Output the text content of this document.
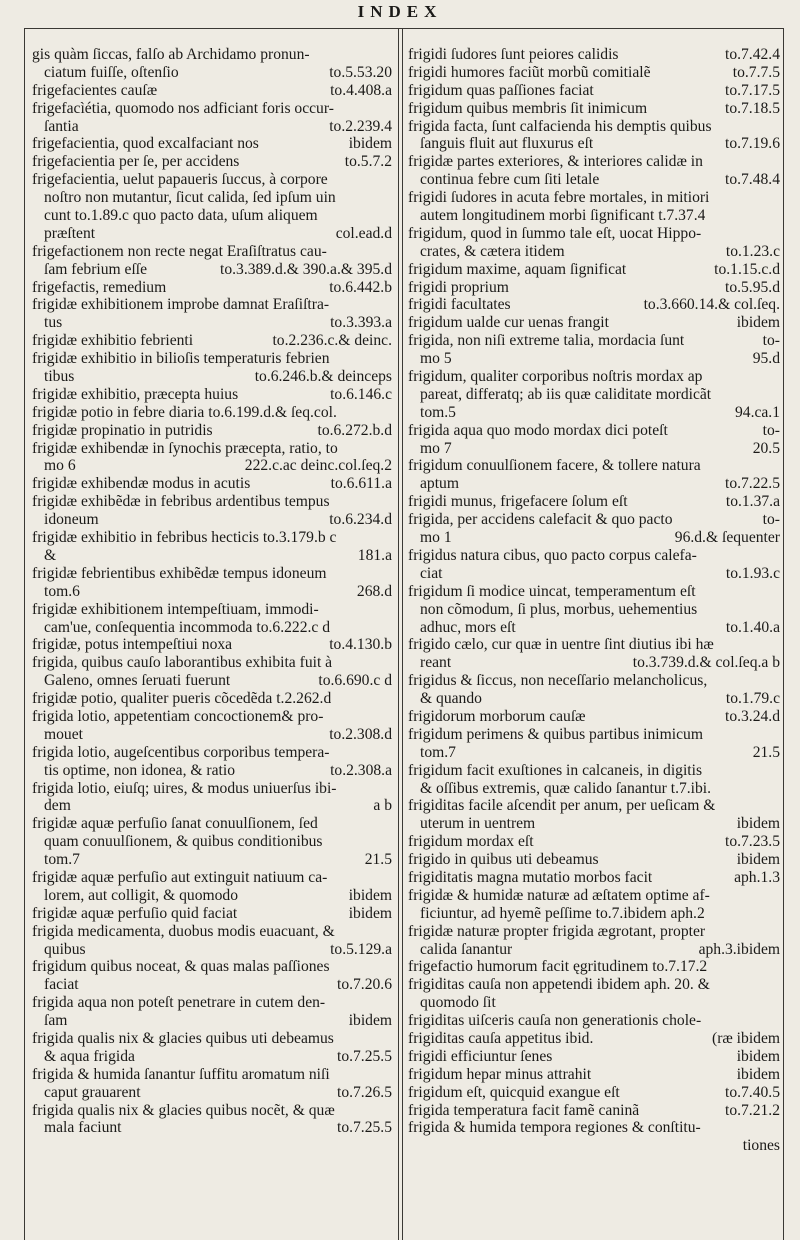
INDEX
gis quàm ſiccas, falſo ab Archidamo pronun-
ciatum fuiſſe, oſtenſio	to.5.53.20
frigefacientes cauſæ	to.4.408.a
frigefacìétia, quomodo nos adficiant foris occur-
ſantia	to.2.239.4
frigefacientia, quod excalfaciant nos	ibidem
frigefacientia per ſe, per accidens	to.5.7.2
frigefacientia, uelut papaueris ſuccus, à corpore
noſtro non mutantur, ſicut calida, ſed ipſum uin
cunt to.1.89.c quo pacto data, uſum aliquem
præſtent	col.ead.d
frigefactionem non recte negat Eraſiſtratus cau-
ſam febrium eſſe	to.3.389.d.& 390.a.& 395.d
frigefactis, remedium	to.6.442.b
frigidæ exhibitionem improbe damnat Eraſiſtra-
tus	to.3.393.a
frigidæ exhibitio febrienti	to.2.236.c.& deinc.
frigidæ exhibitio in bilioſis temperaturis febrien
tibus	to.6.246.b.& deinceps
frigidæ exhibitio, præcepta huius	to.6.146.c
frigidæ potio in febre diaria to.6.199.d.& ſeq.col.
frigidæ propinatio in putridis	to.6.272.b.d
frigidæ exhibendæ in ſynochis præcepta, ratio, to
mo 6	222.c.ac deinc.col.ſeq.2
frigidæ exhibendæ modus in acutis	to.6.611.a
frigidæ exhibẽdæ in febribus ardentibus tempus
idoneum	to.6.234.d
frigidæ exhibitio in febribus hecticis to.3.179.b c
&	181.a
frigidæ febrientibus exhibẽdæ tempus idoneum
tom.6	268.d
frigidæ exhibitionem intempeſtiuam, immodi-
cam'ue, conſequentia incommoda to.6.222.c d
frigidæ, potus intempeſtiui noxa	to.4.130.b
frigida, quibus cauſo laborantibus exhibita fuit à
Galeno, omnes ſeruati fuerunt	to.6.690.c d
frigidæ potio, qualiter pueris cõcedẽda t.2.262.d
frigida lotio, appetentiam concoctionem& pro-
mouet	to.2.308.d
frigida lotio, augeſcentibus corporibus tempera-
tis optime, non idonea, & ratio	to.2.308.a
frigida lotio, eiuſq; uires, & modus uniuerſus ibi-
dem	a b
frigidæ aquæ perfuſio ſanat conuulſionem, ſed
quam conuulſionem, & quibus conditionibus
tom.7	21.5
frigidæ aquæ perfuſio aut extinguit natiuum ca-
lorem, aut colligit, & quomodo	ibidem
frigidæ aquæ perfuſio quid faciat	ibidem
frigida medicamenta, duobus modis euacuant, &
quibus	to.5.129.a
frigidum quibus noceat, & quas malas paſſiones
faciat	to.7.20.6
frigida aqua non poteſt penetrare in cutem den-
ſam	ibidem
frigida qualis nix & glacies quibus uti debeamus
& aqua frigida	to.7.25.5
frigida & humida ſanantur ſuffitu aromatum niſi
caput grauarent	to.7.26.5
frigida qualis nix & glacies quibus nocẽt, & quæ
mala faciunt	to.7.25.5
frigidi ſudores ſunt peiores calidis	to.7.42.4
frigidi humores faciũt morbũ comitialẽ	to.7.7.5
frigidum quas paſſiones faciat	to.7.17.5
frigidum quibus membris ſit inimicum	to.7.18.5
frigida facta, ſunt calfacienda his demptis quibus
ſanguis fluit aut fluxurus eſt	to.7.19.6
frigidæ partes exteriores, & interiores calidæ in
continua febre cum ſiti letale	to.7.48.4
frigidi ſudores in acuta febre mortales, in mitiori
autem longitudinem morbi ſignificant t.7.37.4
frigidum, quod in ſummo tale eſt, uocat Hippo-
crates, & cætera itidem	to.1.23.c
frigidum maxime, aquam ſignificat	to.1.15.c.d
frigidi proprium	to.5.95.d
frigidi facultates	to.3.660.14.& col.ſeq.
frigidum ualde cur uenas frangit	ibidem
frigida, non niſi extreme talia, mordacia ſunt	to-
mo 5	95.d
frigidum, qualiter corporibus noſtris mordax ap
pareat, differatq; ab iis quæ caliditate mordicãt
tom.5	94.ca.1
frigida aqua quo modo mordax dici poteſt	to-
mo 7	20.5
frigidum conuulſionem facere, & tollere natura
aptum	to.7.22.5
frigidi munus, frigefacere ſolum eſt	to.1.37.a
frigida, per accidens calefacit & quo pacto	to-
mo 1	96.d.& ſequenter
frigidus natura cibus, quo pacto corpus calefa-
ciat	to.1.93.c
frigidum ſi modice uincat, temperamentum eſt
non cõmodum, ſi plus, morbus, uehementius
adhuc, mors eſt	to.1.40.a
frigido cælo, cur quæ in uentre ſint diutius ibi hæ
reant	to.3.739.d.& col.ſeq.a b
frigidus & ſiccus, non neceſſario melancholicus,
& quando	to.1.79.c
frigidorum morborum cauſæ	to.3.24.d
frigidum perimens & quibus partibus inimicum
tom.7	21.5
frigidum facit exuſtiones in calcaneis, in digitis
& oſſibus extremis, quæ calido ſanantur t.7.ibi.
frigiditas facile aſcendit per anum, per ueſicam &
uterum in uentrem	ibidem
frigidum mordax eſt	to.7.23.5
frigido in quibus uti debeamus	ibidem
frigiditatis magna mutatio morbos facit	aph.1.3
frigidæ & humidæ naturæ ad æſtatem optime af-
ficiuntur, ad hyemẽ peſſime to.7.ibidem aph.2
frigidæ naturæ propter frigida ægrotant, propter
calida ſanantur	aph.3.ibidem
frigefactio humorum facit ęgritudinem to.7.17.2
frigiditas cauſa non appetendi ibidem aph. 20. &
quomodo ſit
frigiditas uiſceris cauſa non generationis chole-
frigiditas cauſa appetitus ibid.	(ræ ibidem
frigidi efficiuntur ſenes	ibidem
frigidum hepar minus attrahit	ibidem
frigidum eſt, quicquid exangue eſt	to.7.40.5
frigida temperatura facit famẽ caninã	to.7.21.2
frigida & humida tempora regiones & conſtitu-
tiones
